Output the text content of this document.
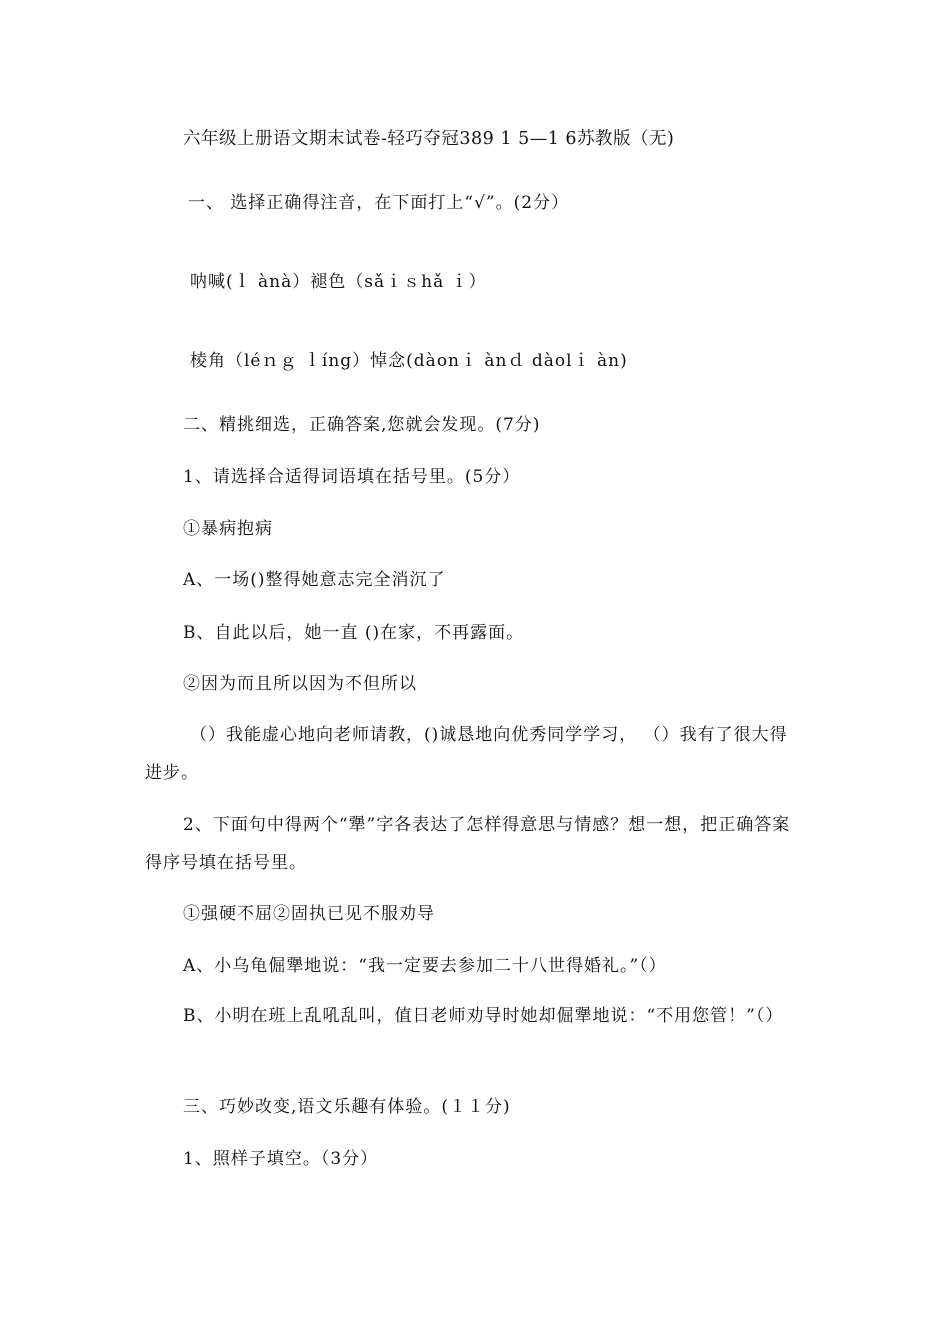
六年级上册语文期末试卷-轻巧夺冠389 1 5—1 6苏教版（无)
一、 选择正确得注音，在下面打上“√”。(2分）
呐喊(ｌ ànà）褪色（sǎｉｓhǎ ｉ）
棱角（léｎｇ ｌíng）悼念(dàonｉ ànｄ dàolｉ àn)
二、精挑细选，正确答案,您就会发现。(7分)
1、请选择合适得词语填在括号里。(5分）
①暴病抱病
A、一场()整得她意志完全消沉了
B、自此以后，她一直 ()在家，不再露面。
②因为而且所以因为不但所以
（）我能虚心地向老师请教，()诚恳地向优秀同学学习， （）我有了很大得进步。
2、下面句中得两个“犟”字各表达了怎样得意思与情感？想一想，把正确答案得序号填在括号里。
①强硬不屈②固执已见不服劝导
A、小乌龟倔犟地说：“我一定要去参加二十八世得婚礼。”（）
B、小明在班上乱吼乱叫，值日老师劝导时她却倔犟地说：“不用您管！”（）
三、巧妙改变,语文乐趣有体验。(１１分)
1、照样子填空。（3分）
